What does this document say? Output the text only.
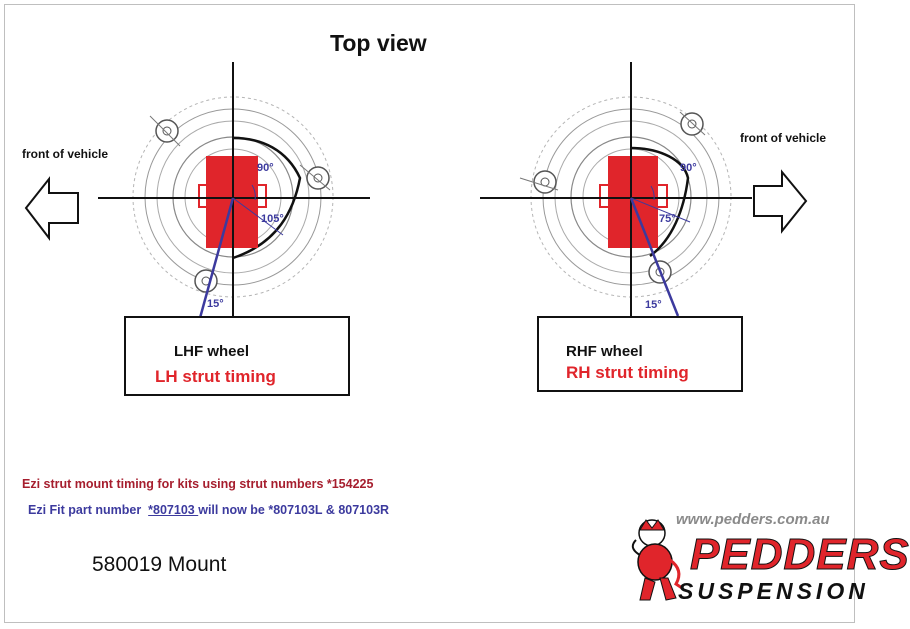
Top view
front of vehicle
front of vehicle
90°
105°
15°
90°
75°
15°
LHF wheel
LH strut timing
RHF wheel
RH strut timing
Ezi strut mount timing for kits using strut numbers *154225
Ezi Fit part number  *807103 will now be *807103L & 807103R
580019 Mount
www.pedders.com.au
PEDDERS
SUSPENSION
